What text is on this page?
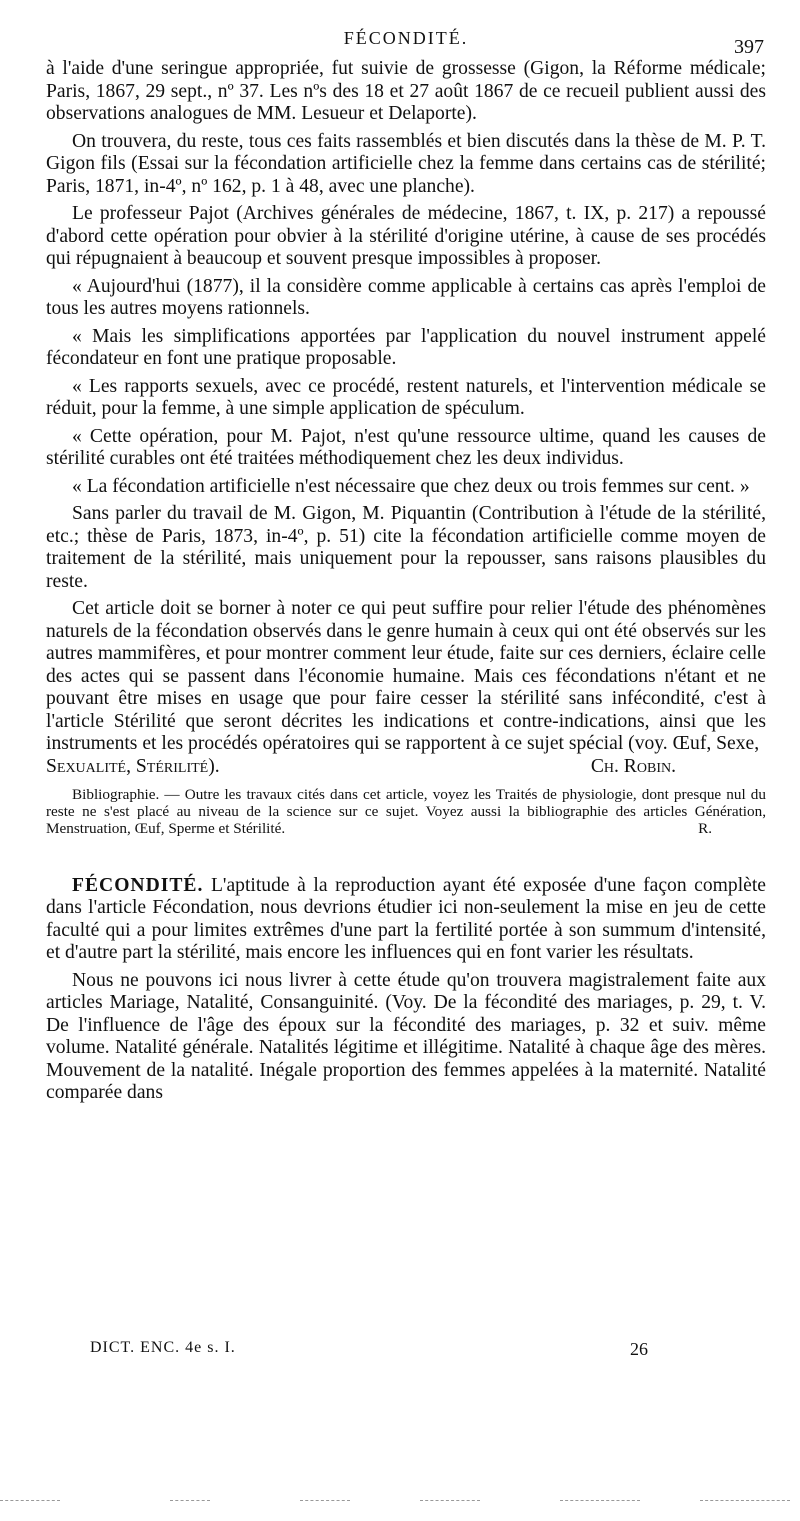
FÉCONDITÉ.	397

à l'aide d'une seringue appropriée, fut suivie de grossesse (Gigon, la Réforme médicale; Paris, 1867, 29 sept., nº 37. Les nºs des 18 et 27 août 1867 de ce recueil publient aussi des observations analogues de MM. Lesueur et Delaporte).

On trouvera, du reste, tous ces faits rassemblés et bien discutés dans la thèse de M. P. T. Gigon fils (Essai sur la fécondation artificielle chez la femme dans certains cas de stérilité; Paris, 1871, in-4º, nº 162, p. 1 à 48, avec une planche).

Le professeur Pajot (Archives générales de médecine, 1867, t. IX, p. 217) a repoussé d'abord cette opération pour obvier à la stérilité d'origine utérine, à cause de ses procédés qui répugnaient à beaucoup et souvent presque impossibles à proposer.

« Aujourd'hui (1877), il la considère comme applicable à certains cas après l'emploi de tous les autres moyens rationnels.

« Mais les simplifications apportées par l'application du nouvel instrument appelé fécondateur en font une pratique proposable.

« Les rapports sexuels, avec ce procédé, restent naturels, et l'intervention médicale se réduit, pour la femme, à une simple application de spéculum.

« Cette opération, pour M. Pajot, n'est qu'une ressource ultime, quand les causes de stérilité curables ont été traitées méthodiquement chez les deux individus.

« La fécondation artificielle n'est nécessaire que chez deux ou trois femmes sur cent. »

Sans parler du travail de M. Gigon, M. Piquantin (Contribution à l'étude de la stérilité, etc.; thèse de Paris, 1873, in-4º, p. 51) cite la fécondation artificielle comme moyen de traitement de la stérilité, mais uniquement pour la repousser, sans raisons plausibles du reste.

Cet article doit se borner à noter ce qui peut suffire pour relier l'étude des phénomènes naturels de la fécondation observés dans le genre humain à ceux qui ont été observés sur les autres mammifères, et pour montrer comment leur étude, faite sur ces derniers, éclaire celle des actes qui se passent dans l'économie humaine. Mais ces fécondations n'étant et ne pouvant être mises en usage que pour faire cesser la stérilité sans infécondité, c'est à l'article Stérilité que seront décrites les indications et contre-indications, ainsi que les instruments et les procédés opératoires qui se rapportent à ce sujet spécial (voy. Œuf, Sexe,

Sexualité, Stérilité).	Ch. Robin.

Bibliographie. — Outre les travaux cités dans cet article, voyez les Traités de physiologie, dont presque nul du reste ne s'est placé au niveau de la science sur ce sujet. Voyez aussi la bibliographie des articles Génération, Menstruation, Œuf, Sperme et Stérilité.	R.

FÉCONDITÉ. L'aptitude à la reproduction ayant été exposée d'une façon complète dans l'article Fécondation, nous devrions étudier ici non-seulement la mise en jeu de cette faculté qui a pour limites extrêmes d'une part la fertilité portée à son summum d'intensité, et d'autre part la stérilité, mais encore les influences qui en font varier les résultats.

Nous ne pouvons ici nous livrer à cette étude qu'on trouvera magistralement faite aux articles Mariage, Natalité, Consanguinité. (Voy. De la fécondité des mariages, p. 29, t. V. De l'influence de l'âge des époux sur la fécondité des mariages, p. 32 et suiv. même volume. Natalité générale. Natalités légitime et illégitime. Natalité à chaque âge des mères. Mouvement de la natalité. Inégale proportion des femmes appelées à la maternité. Natalité comparée dans

DICT. ENC. 4e s. I.	26
